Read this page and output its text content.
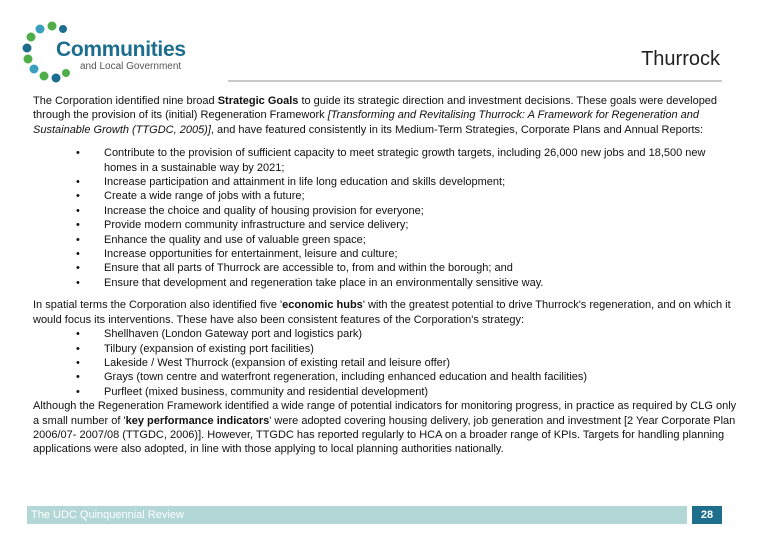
Communities
and Local Government	Thurrock

The Corporation identified nine broad Strategic Goals to guide its strategic direction and investment decisions. These goals were developed through the provision of its (initial) Regeneration Framework [Transforming and Revitalising Thurrock: A Framework for Regeneration and Sustainable Growth (TTGDC, 2005)], and have featured consistently in its Medium-Term Strategies, Corporate Plans and Annual Reports:

• Contribute to the provision of sufficient capacity to meet strategic growth targets, including 26,000 new jobs and 18,500 new homes in a sustainable way by 2021;
• Increase participation and attainment in life long education and skills development;
• Create a wide range of jobs with a future;
• Increase the choice and quality of housing provision for everyone;
• Provide modern community infrastructure and service delivery;
• Enhance the quality and use of valuable green space;
• Increase opportunities for entertainment, leisure and culture;
• Ensure that all parts of Thurrock are accessible to, from and within the borough; and
• Ensure that development and regeneration take place in an environmentally sensitive way.

In spatial terms the Corporation also identified five 'economic hubs' with the greatest potential to drive Thurrock's regeneration, and on which it would focus its interventions. These have also been consistent features of the Corporation's strategy:

• Shellhaven (London Gateway port and logistics park)
• Tilbury (expansion of existing port facilities)
• Lakeside / West Thurrock (expansion of existing retail and leisure offer)
• Grays (town centre and waterfront regeneration, including enhanced education and health facilities)
• Purfleet (mixed business, community and residential development)

Although the Regeneration Framework identified a wide range of potential indicators for monitoring progress, in practice as required by CLG only a small number of 'key performance indicators' were adopted covering housing delivery, job generation and investment [2 Year Corporate Plan 2006/07- 2007/08 (TTGDC, 2006)]. However, TTGDC has reported regularly to HCA on a broader range of KPIs. Targets for handling planning applications were also adopted, in line with those applying to local planning authorities nationally.

The UDC Quinquennial Review	28
